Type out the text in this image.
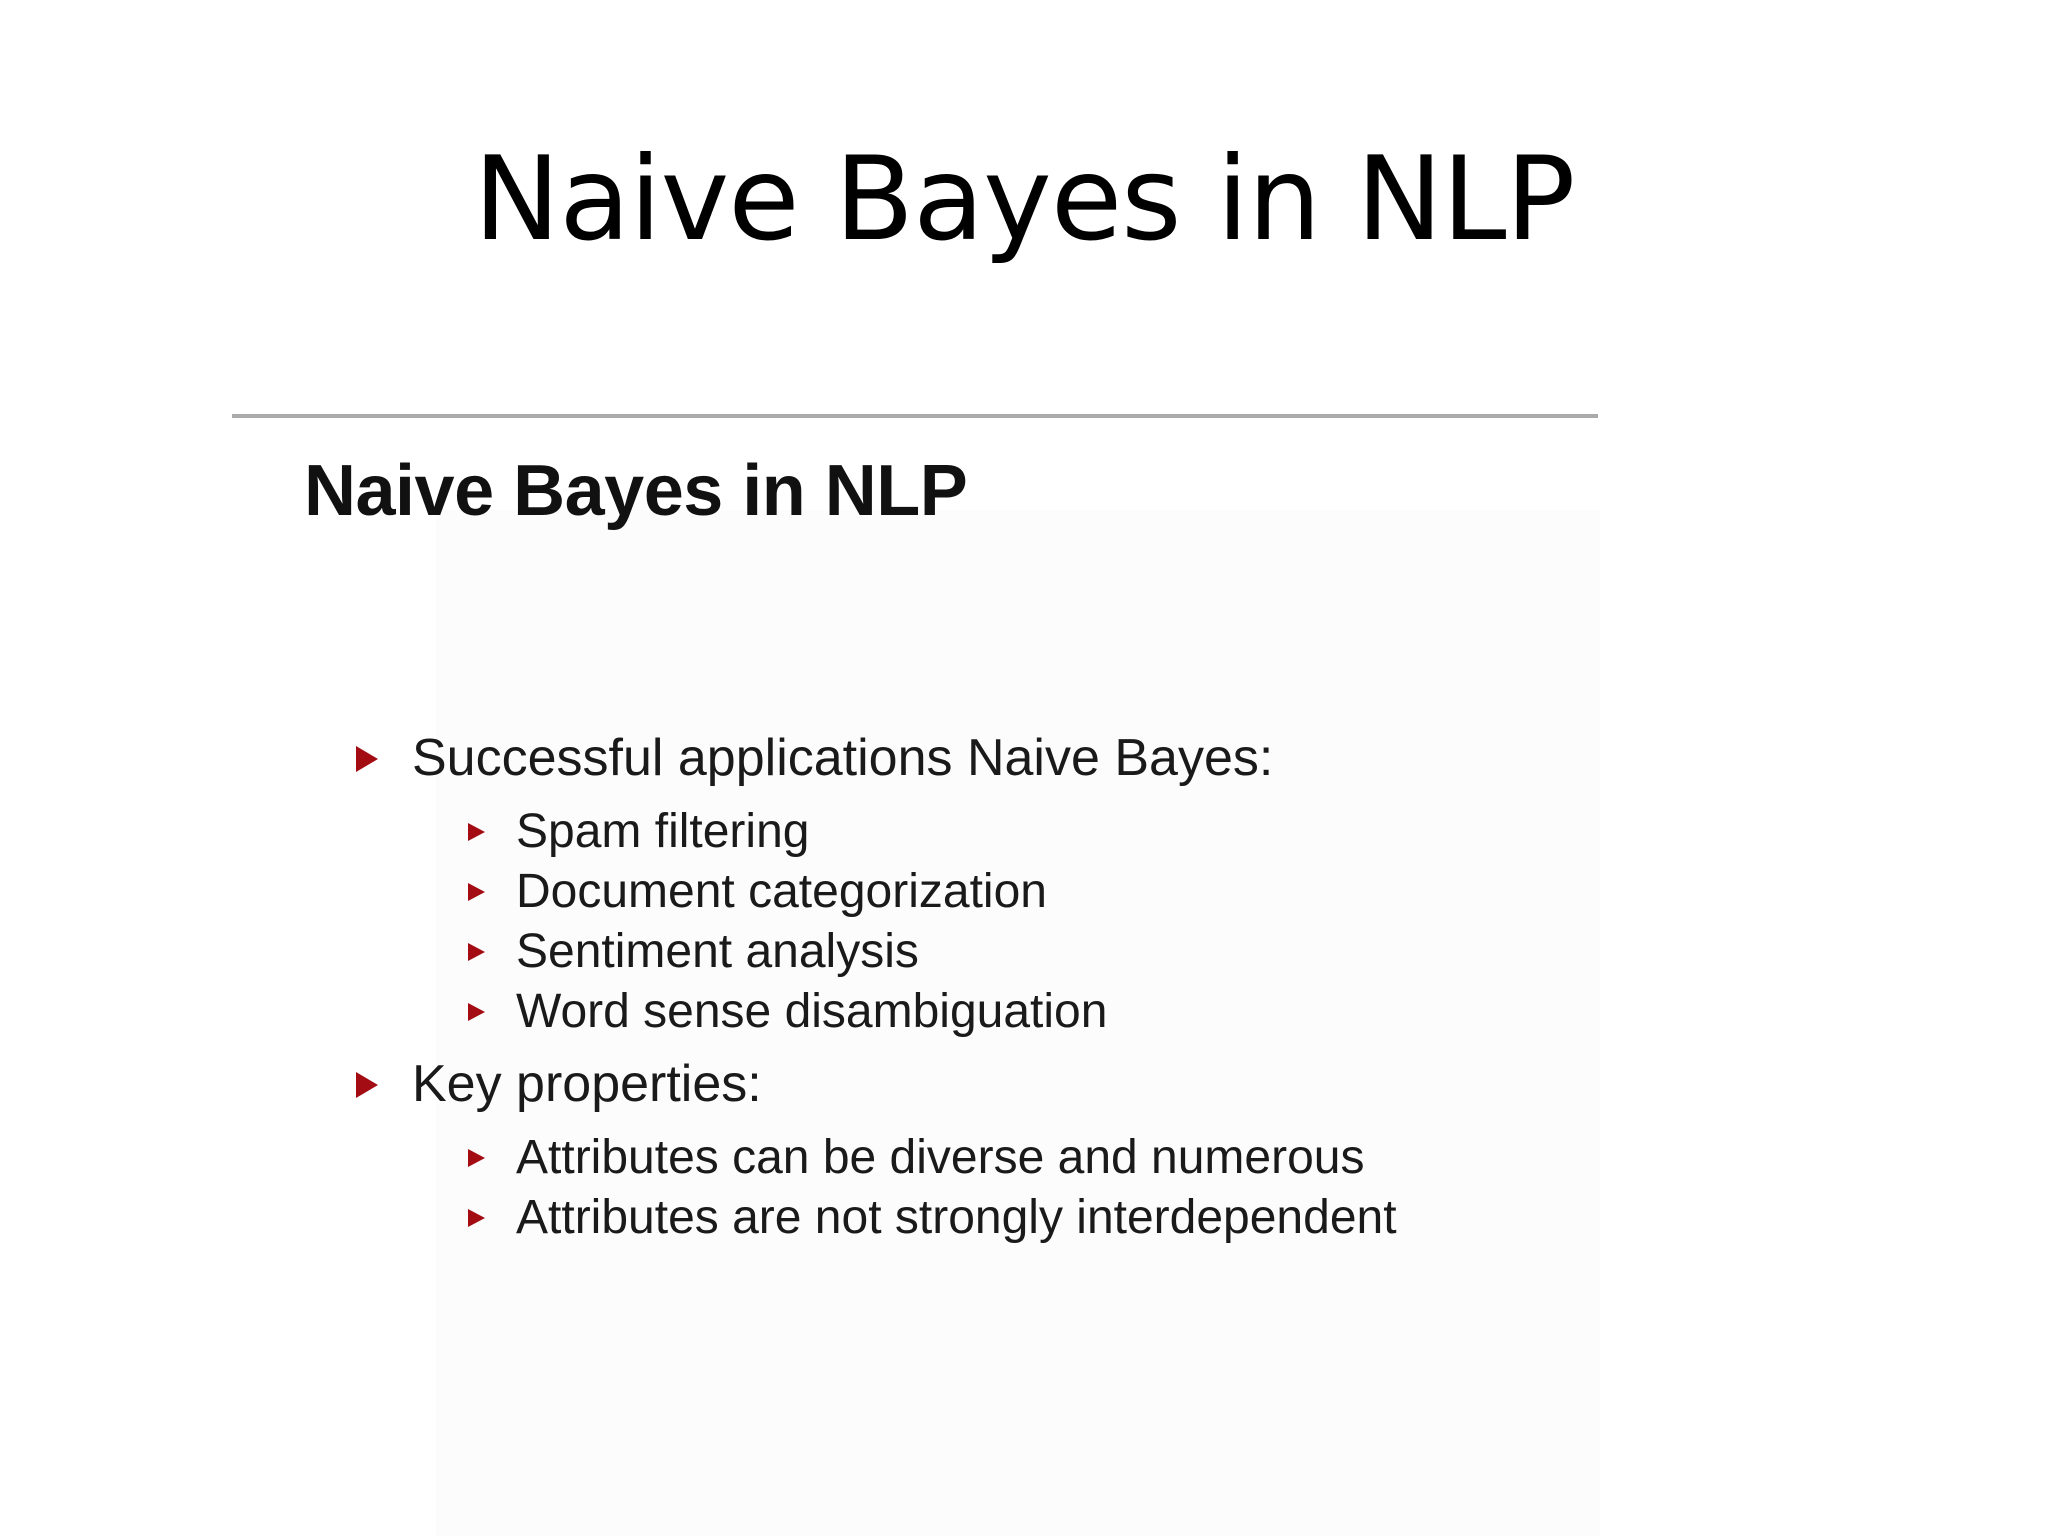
Naive Bayes in NLP
Naive Bayes in NLP
Successful applications Naive Bayes:
Spam filtering
Document categorization
Sentiment analysis
Word sense disambiguation
Key properties:
Attributes can be diverse and numerous
Attributes are not strongly interdependent
